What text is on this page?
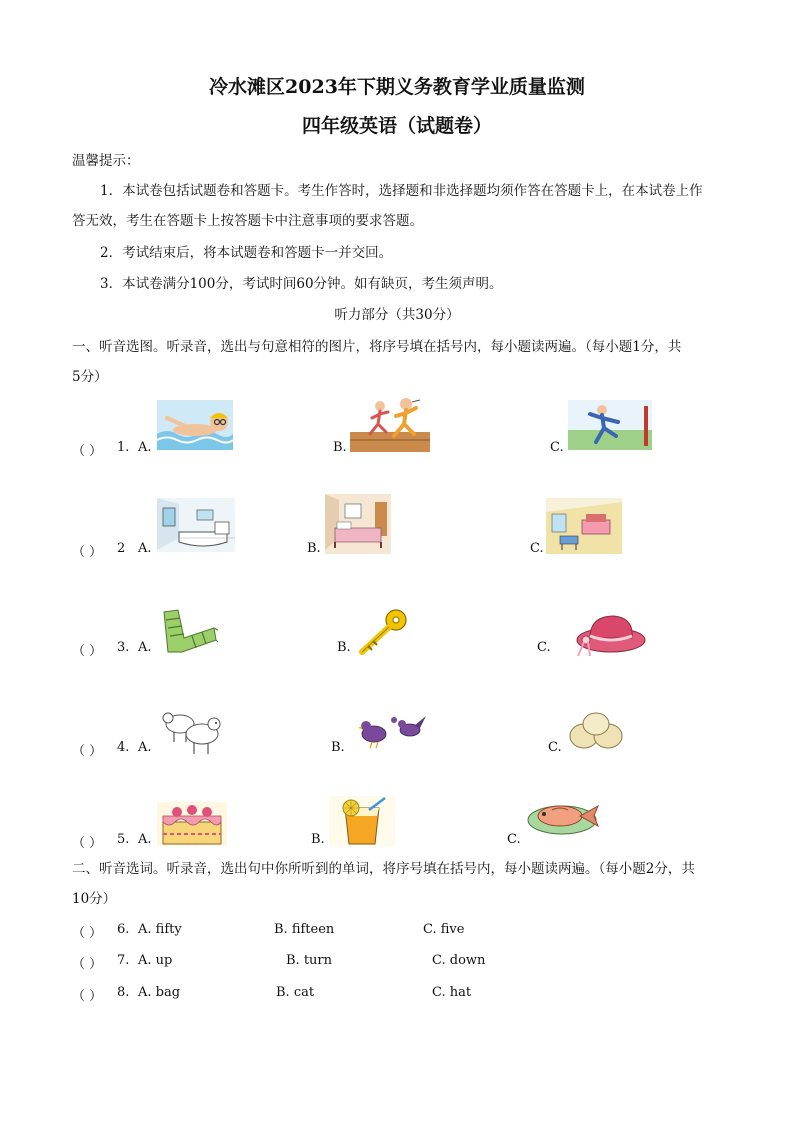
冷水滩区2023年下期义务教育学业质量监测
四年级英语（试题卷）
温馨提示：
1．本试卷包括试题卷和答题卡。考生作答时，选择题和非选择题均须作答在答题卡上，在本试卷上作
答无效，考生在答题卡上按答题卡中注意事项的要求答题。
2．考试结束后，将本试题卷和答题卡一并交回。
3．本试卷满分100分，考试时间60分钟。如有缺页，考生须声明。
听力部分（共30分）
一、听音选图。听录音，选出与句意相符的图片，将序号填在括号内，每小题读两遍。（每小题1分，共
5分）
（ ） 1. A.	B.	C.
（ ） 2 A.	B.	C.
（ ） 3. A.	B.	C.
（ ） 4. A.	B.	C.
（ ） 5. A.	B.	C.
二、听音选词。听录音，选出句中你所听到的单词，将序号填在括号内，每小题读两遍。（每小题2分，共
10分）
（ ） 6. A. fifty	B. fifteen	C. five
（ ） 7. A. up	B. turn	C. down
（ ） 8. A. bag	B. cat	C. hat
